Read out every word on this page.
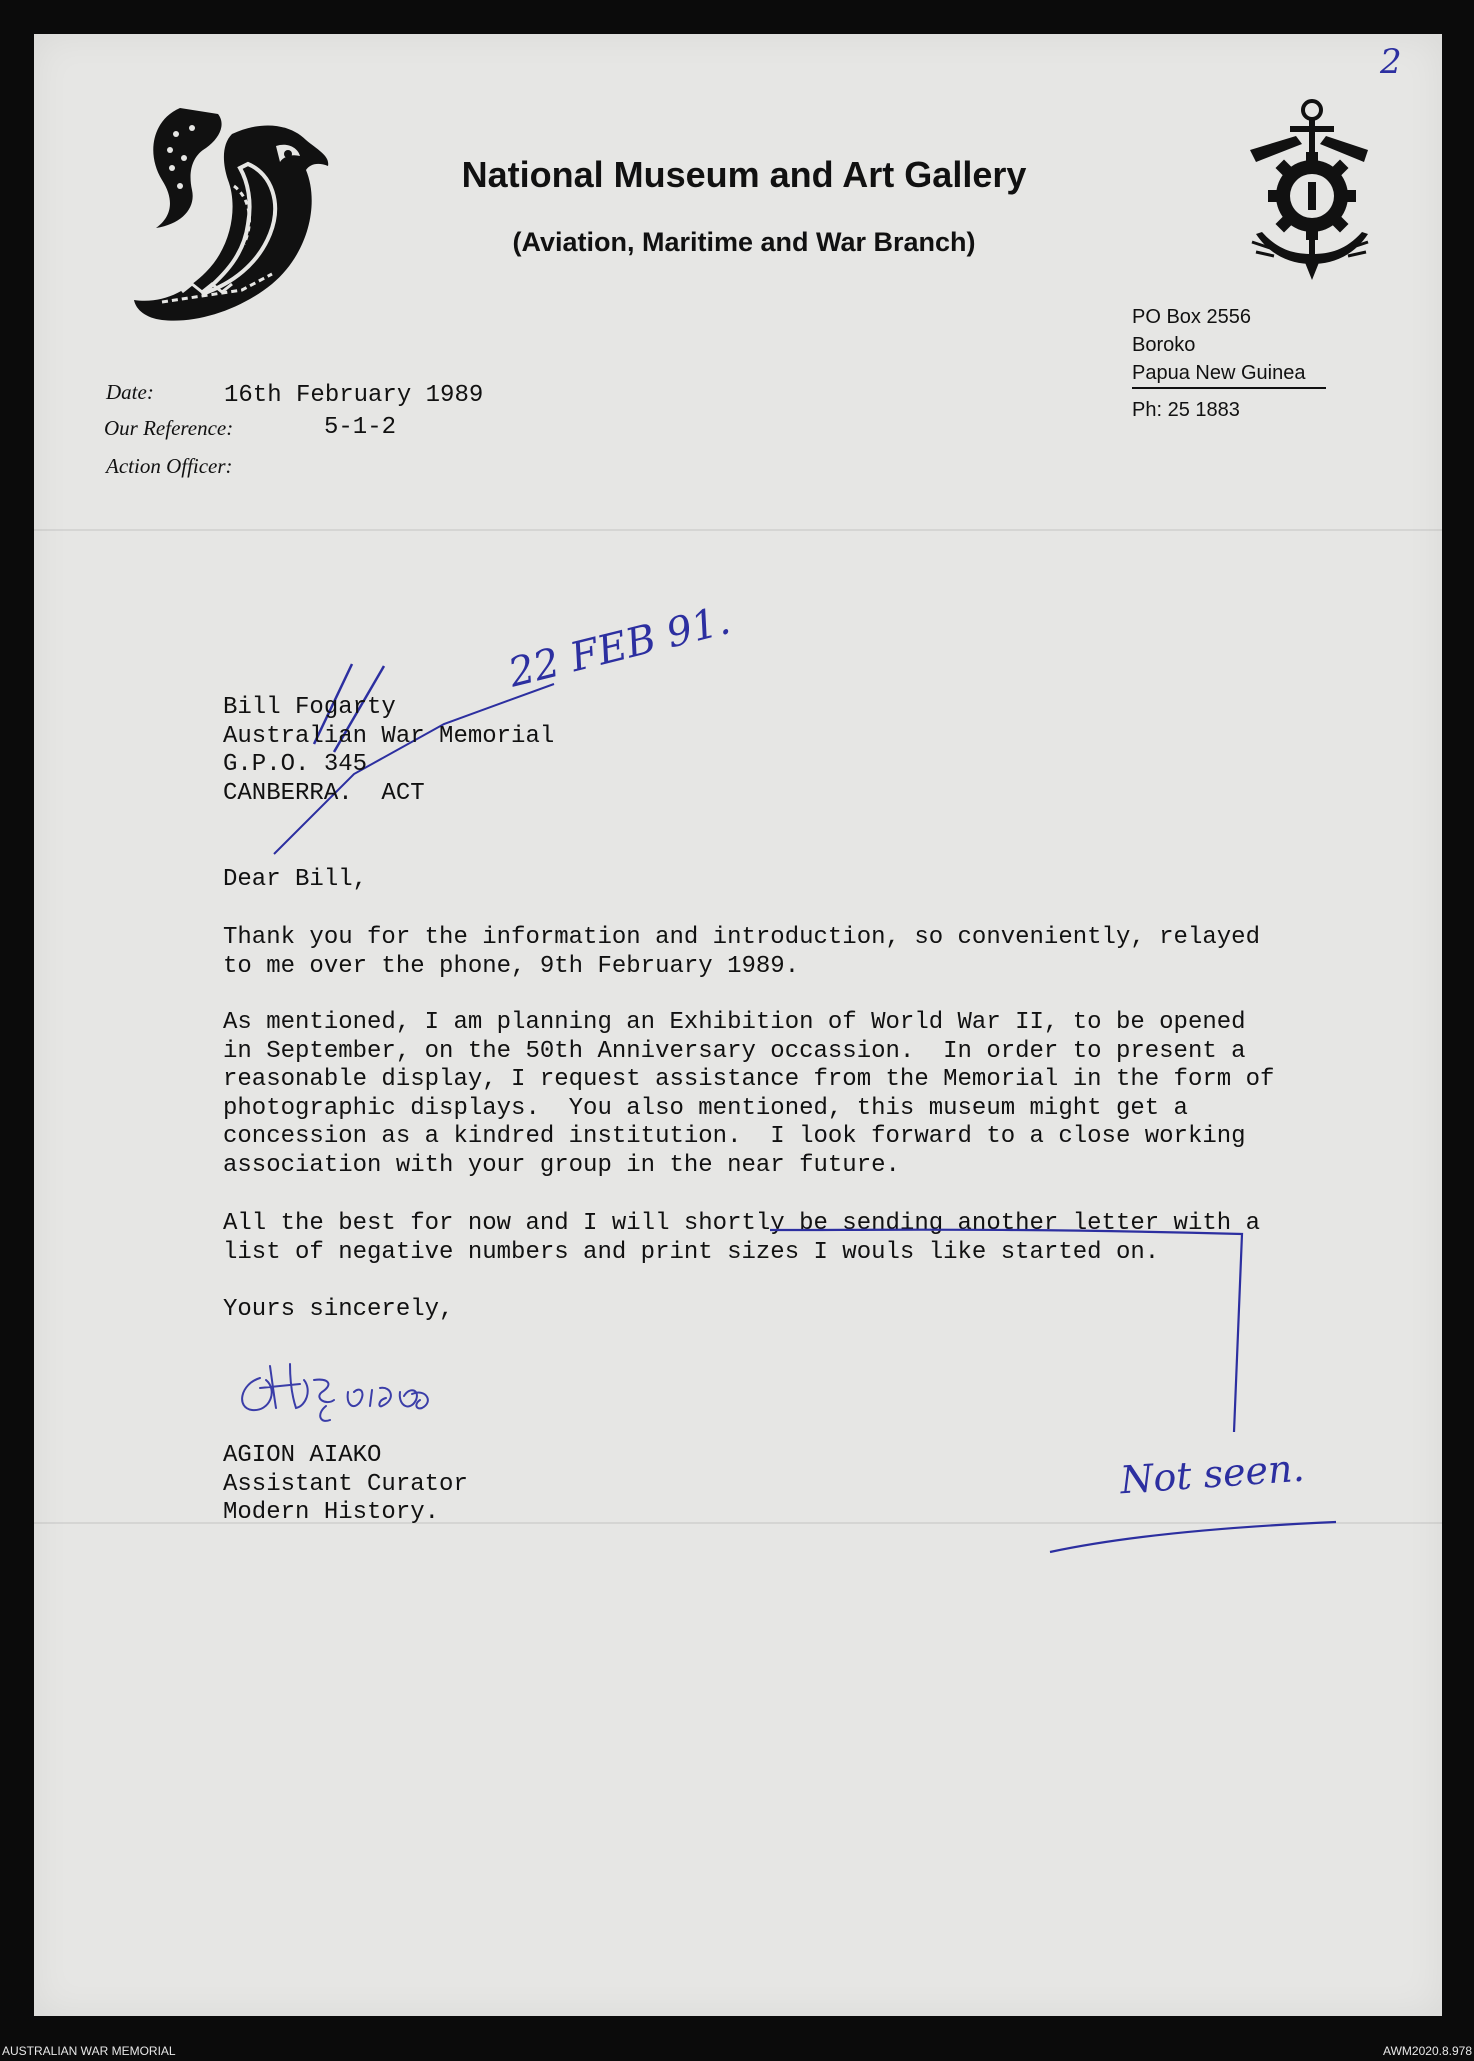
2
National Museum and Art Gallery
(Aviation, Maritime and War Branch)
PO Box 2556
Boroko
Papua New Guinea
Ph: 25 1883
Date:	16th February 1989
Our Reference:	5-1-2
Action Officer:
22 FEB 91.
Bill Fogarty
Australian War Memorial
G.P.O. 345
CANBERRA.  ACT
Dear Bill,
Thank you for the information and introduction, so conveniently, relayed
to me over the phone, 9th February 1989.
As mentioned, I am planning an Exhibition of World War II, to be opened
in September, on the 50th Anniversary occassion.  In order to present a
reasonable display, I request assistance from the Memorial in the form of
photographic displays.  You also mentioned, this museum might get a
concession as a kindred institution.  I look forward to a close working
association with your group in the near future.
All the best for now and I will shortly be sending another letter with a
list of negative numbers and print sizes I wouls like started on.
Yours sincerely,
AGION AIAKO
Assistant Curator
Modern History.
Not seen.
AUSTRALIAN WAR MEMORIAL	AWM2020.8.978
